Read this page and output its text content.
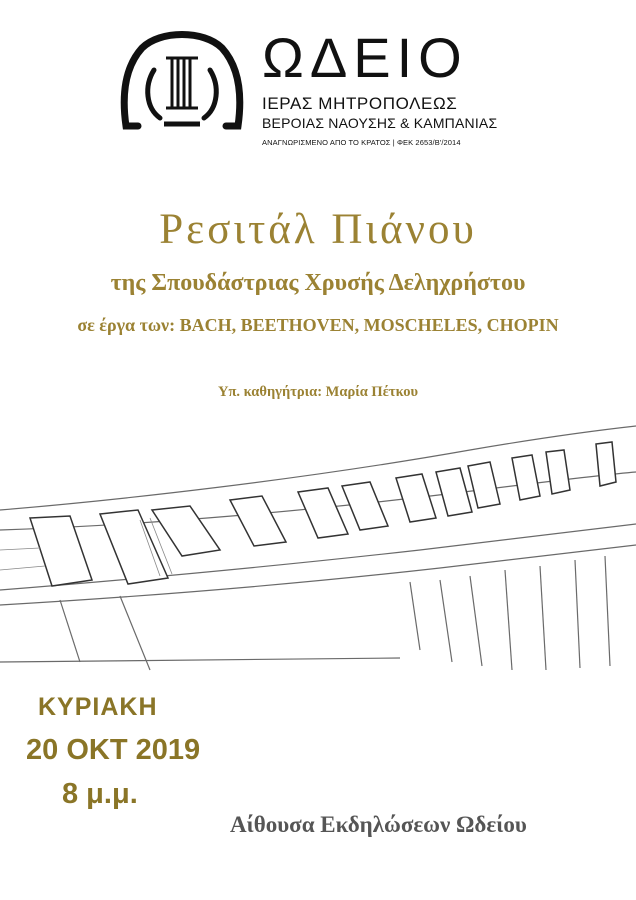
ΩΔΕΙΟ
ΙΕΡΑΣ ΜΗΤΡΟΠΟΛΕΩΣ
ΒΕΡΟΙΑΣ ΝΑΟΥΣΗΣ & ΚΑΜΠΑΝΙΑΣ
ΑΝΑΓΝΩΡΙΣΜΕΝΟ ΑΠΟ ΤΟ ΚΡΑΤΟΣ | ΦΕΚ 2653/Β'/2014
Ρεσιτάλ Πιάνου
της Σπουδάστριας Χρυσής Δεληχρήστου
σε έργα των: BACH, BEETHOVEN, MOSCHELES, CHOPIN
Υπ. καθηγήτρια: Μαρία Πέτκου
ΚΥΡΙΑΚΗ
20 ΟΚΤ 2019
8 μ.μ.
Αίθουσα Εκδηλώσεων Ωδείου
